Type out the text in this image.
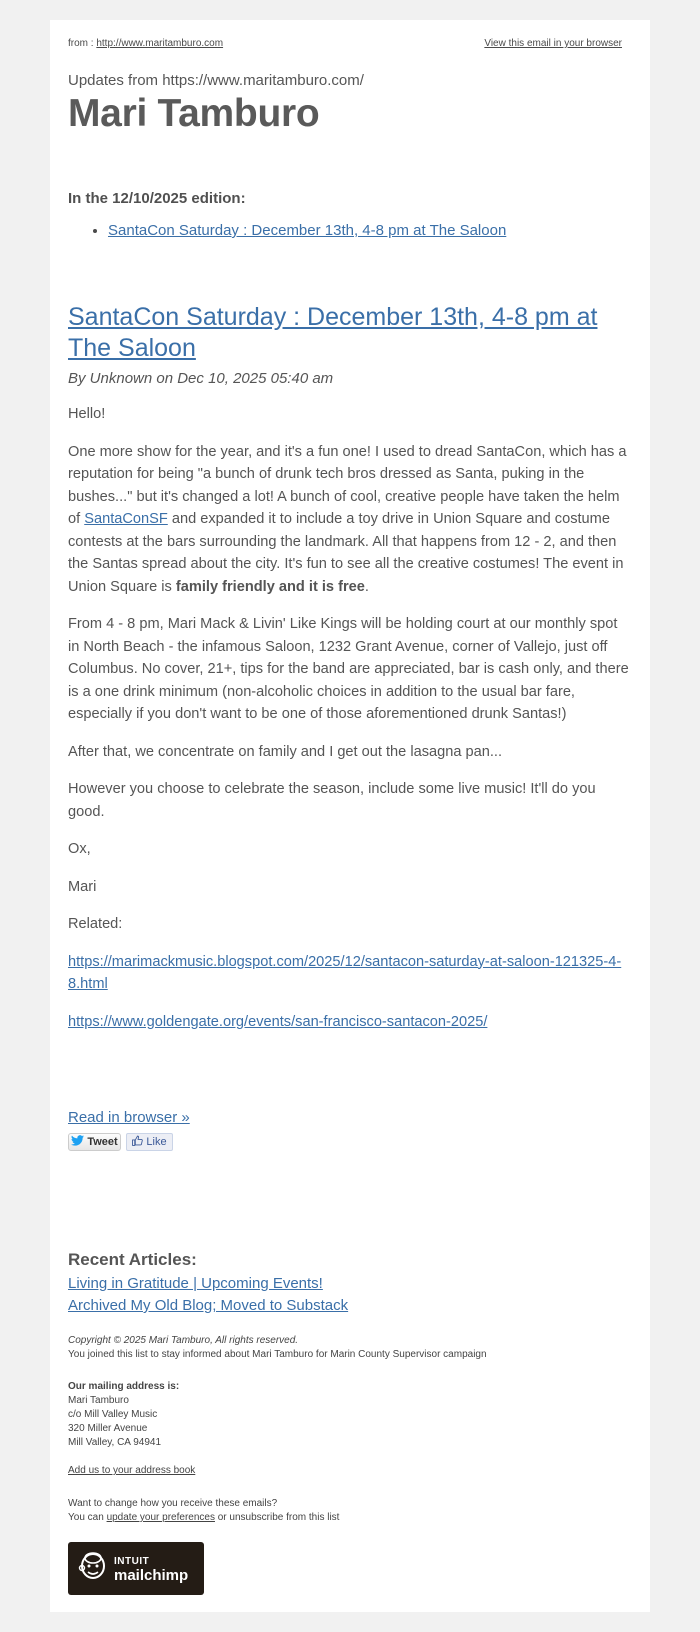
from : http://www.maritamburo.com	View this email in your browser
Updates from https://www.maritamburo.com/
Mari Tamburo
In the 12/10/2025 edition:
• SantaCon Saturday : December 13th, 4-8 pm at The Saloon
SantaCon Saturday : December 13th, 4-8 pm at The Saloon
By Unknown on Dec 10, 2025 05:40 am

Hello!

One more show for the year, and it's a fun one! I used to dread SantaCon, which has a reputation for being "a bunch of drunk tech bros dressed as Santa, puking in the bushes..." but it's changed a lot! A bunch of cool, creative people have taken the helm of SantaConSF and expanded it to include a toy drive in Union Square and costume contests at the bars surrounding the landmark. All that happens from 12 - 2, and then the Santas spread about the city. It's fun to see all the creative costumes! The event in Union Square is family friendly and it is free.

From 4 - 8 pm, Mari Mack & Livin' Like Kings will be holding court at our monthly spot in North Beach - the infamous Saloon, 1232 Grant Avenue, corner of Vallejo, just off Columbus. No cover, 21+, tips for the band are appreciated, bar is cash only, and there is a one drink minimum (non-alcoholic choices in addition to the usual bar fare, especially if you don't want to be one of those aforementioned drunk Santas!)

After that, we concentrate on family and I get out the lasagna pan...

However you choose to celebrate the season, include some live music! It'll do you good.

Ox,

Mari

Related:

https://marimackmusic.blogspot.com/2025/12/santacon-saturday-at-saloon-121325-4-8.html

https://www.goldengate.org/events/san-francisco-santacon-2025/

Read in browser »
Tweet	Like
Recent Articles:
Living in Gratitude | Upcoming Events!
Archived My Old Blog; Moved to Substack
Copyright © 2025 Mari Tamburo, All rights reserved.
You joined this list to stay informed about Mari Tamburo for Marin County Supervisor campaign
Our mailing address is:
Mari Tamburo
c/o Mill Valley Music
320 Miller Avenue
Mill Valley, CA 94941
Add us to your address book
Want to change how you receive these emails?
You can update your preferences or unsubscribe from this list
INTUIT
mailchimp
